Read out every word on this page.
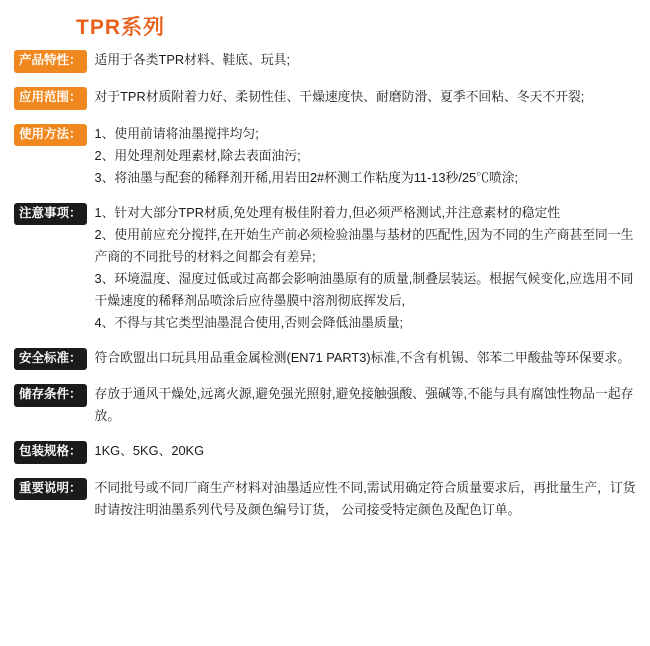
TPR系列
产品特性：	适用于各类TPR材料、鞋底、玩具;

应用范围：	对于TPR材质附着力好、柔韧性佳、干燥速度快、耐磨防滑、夏季不回粘、冬天不开裂;

使用方法：	1、使用前请将油墨搅拌均匀;

2、用处理剂处理素材,除去表面油污;

3、将油墨与配套的稀释剂开稀,用岩田2#杯测工作粘度为11-13秒/25℃喷涂;

注意事项：	1、针对大部分TPR材质,免处理有极佳附着力,但必须严格测试,并注意素材的稳定性

2、使用前应充分搅拌,在开始生产前必须检验油墨与基材的匹配性,因为不同的生产商甚至同一生产商的不同批号的材料之间都会有差异;

3、环境温度、湿度过低或过高都会影响油墨原有的质量,制叠层装运。根据气候变化,应选用不同干燥速度的稀释剂品喷涂后应待墨膜中溶剂彻底挥发后,

4、不得与其它类型油墨混合使用,否则会降低油墨质量;

安全标准：	符合欧盟出口玩具用品重金属检测(EN71 PART3)标准,不含有机锡、邻苯二甲酸盐等环保要求。

储存条件：	存放于通风干燥处,远离火源,避免强光照射,避免接触强酸、强碱等,不能与具有腐蚀性物品一起存放。

包装规格：	1KG、5KG、20KG

重要说明：	不同批号或不同厂商生产材料对油墨适应性不同,需试用确定符合质量要求后，再批量生产，订货时请按注明油墨系列代号及颜色编号订货， 公司接受特定颜色及配色订单。
